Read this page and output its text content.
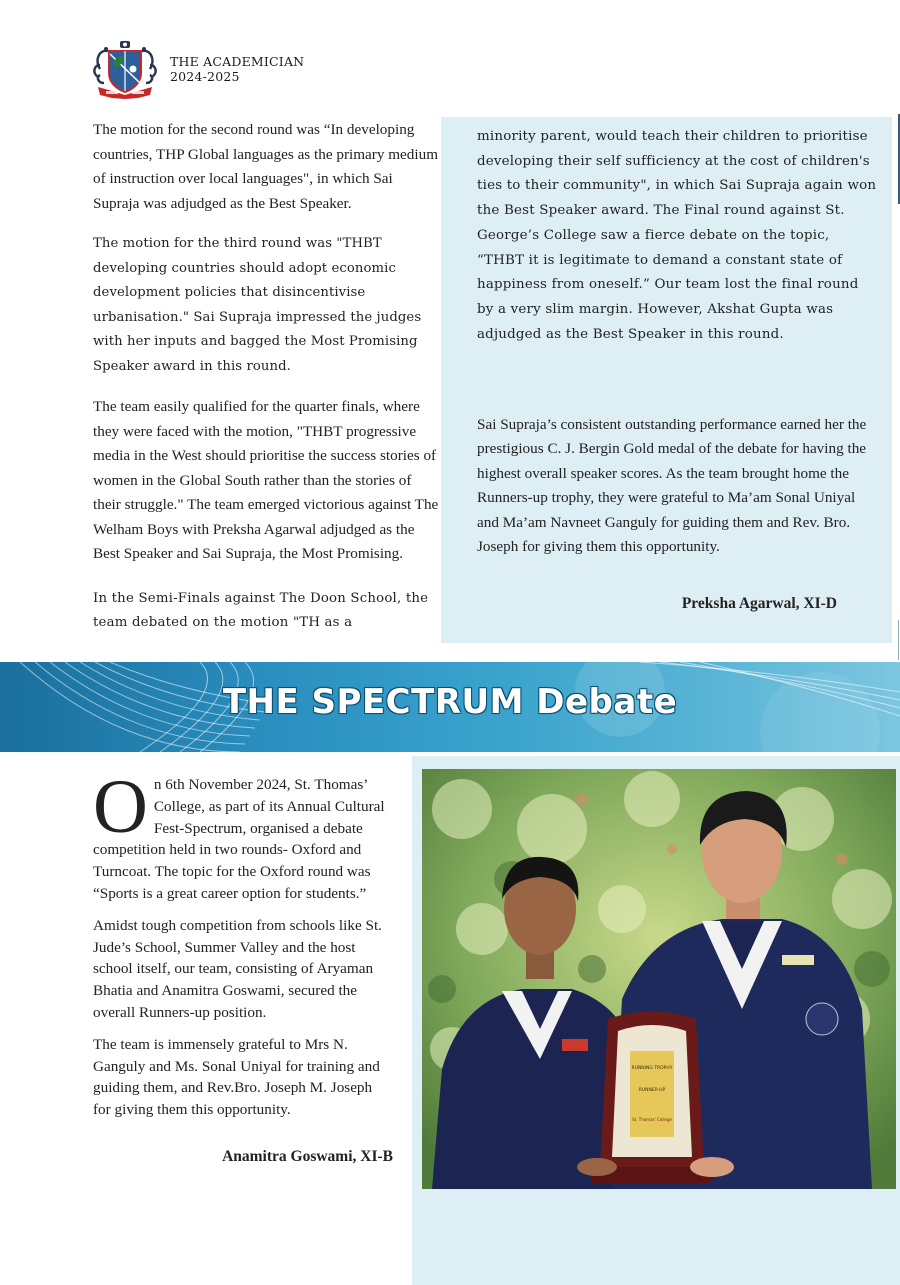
THE ACADEMICIAN
2024-2025

The motion for the second round was “In developing countries, THP Global languages as the primary medium of instruction over local languages", in which Sai Supraja was adjudged as the Best Speaker.

The motion for the third round was "THBT developing countries should adopt economic development policies that disincentivise urbanisation." Sai Supraja impressed the judges with her inputs and bagged the Most Promising Speaker award in this round.

The team easily qualified for the quarter finals, where they were faced with the motion, "THBT progressive media in the West should prioritise the success stories of women in the Global South rather than the stories of their struggle." The team emerged victorious against The Welham Boys with Preksha Agarwal adjudged as the Best Speaker and Sai Supraja, the Most Promising.

In the Semi-Finals against The Doon School, the team debated on the motion "TH as a

minority parent, would teach their children to prioritise developing their self sufficiency at the cost of children's ties to their community", in which Sai Supraja again won the Best Speaker award. The Final round against St. George’s College saw a fierce debate on the topic, “THBT it is legitimate to demand a constant state of happiness from oneself.” Our team lost the final round by a very slim margin. However, Akshat Gupta was adjudged as the Best Speaker in this round.

Sai Supraja’s consistent outstanding performance earned her the prestigious C. J. Bergin Gold medal of the debate for having the highest overall speaker scores. As the team brought home the Runners-up trophy, they were grateful to Ma’am Sonal Uniyal and Ma’am Navneet Ganguly for guiding them and Rev. Bro. Joseph for giving them this opportunity.

Preksha Agarwal, XI-D
THE SPECTRUM Debate

On 6th November 2024, St. Thomas’ College, as part of its Annual Cultural Fest-Spectrum, organised a debate competition held in two rounds- Oxford and Turncoat. The topic for the Oxford round was “Sports is a great career option for students.”

Amidst tough competition from schools like St. Jude’s School, Summer Valley and the host school itself, our team, consisting of Aryaman Bhatia and Anamitra Goswami, secured the overall Runners-up position.

The team is immensely grateful to Mrs N. Ganguly and Ms. Sonal Uniyal for training and guiding them, and Rev.Bro. Joseph M. Joseph for giving them this opportunity.

Anamitra Goswami, XI-B
RUNNING TROPHY
RUNNER-UP
St. Thomas' College
